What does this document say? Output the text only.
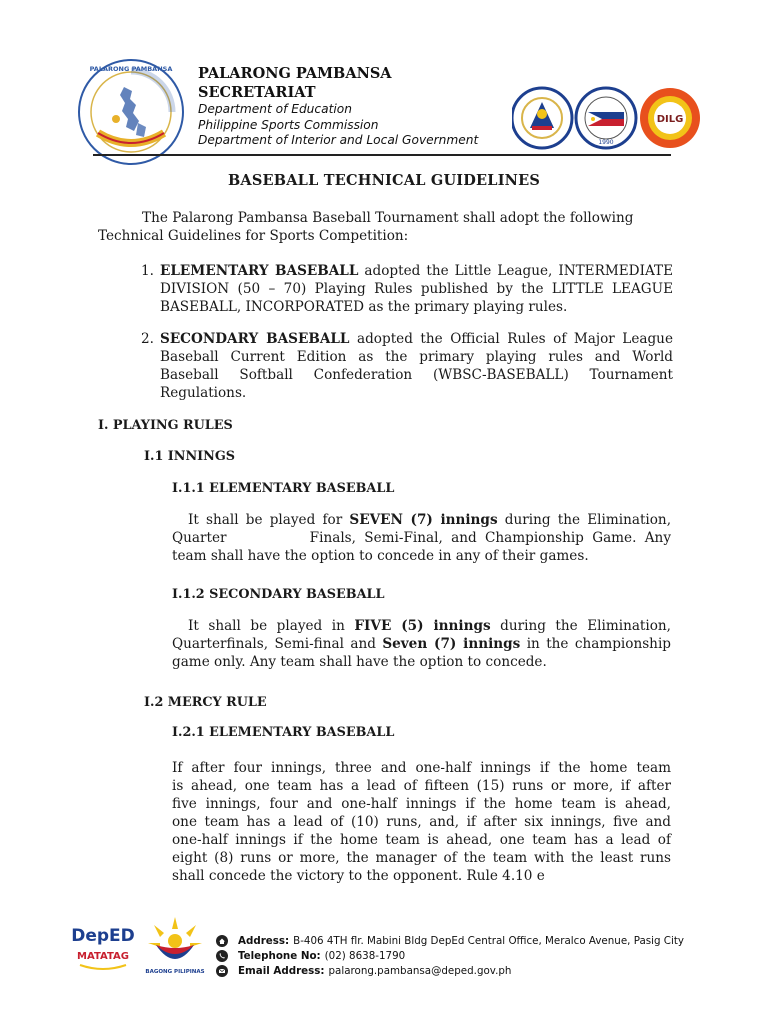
PALARONG PAMBANSA PALARONG PAMBANSA
SECRETARIAT
Department of Education
Philippine Sports Commission
Department of Interior and Local Government	1990
DILG
BASEBALL TECHNICAL GUIDELINES
The Palarong Pambansa Baseball Tournament shall adopt the following
Technical Guidelines for Sports Competition:
1. ELEMENTARY BASEBALL adopted the Little League, INTERMEDIATE
DIVISION (50 – 70) Playing Rules published by the LITTLE LEAGUE
BASEBALL, INCORPORATED as the primary playing rules.
2. SECONDARY BASEBALL adopted the Official Rules of Major League
Baseball Current Edition as the primary playing rules and World
Baseball Softball Confederation (WBSC-BASEBALL) Tournament
Regulations.
I. PLAYING RULES
I.1 INNINGS
I.1.1 ELEMENTARY BASEBALL
It shall be played for SEVEN (7) innings during the Elimination,
Quarter          Finals, Semi-Final, and Championship Game. Any
team shall have the option to concede in any of their games.
I.1.2 SECONDARY BASEBALL
It shall be played in FIVE (5) innings during the Elimination,
Quarterfinals, Semi-final and Seven (7) innings in the championship
game only. Any team shall have the option to concede.
I.2 MERCY RULE
I.2.1 ELEMENTARY BASEBALL
If after four innings, three and one-half innings if the home team
is ahead, one team has a lead of fifteen (15) runs or more, if after
five innings, four and one-half innings if the home team is ahead,
one team has a lead of (10) runs, and, if after six innings, five and
one-half innings if the home team is ahead, one team has a lead of
eight (8) runs or more, the manager of the team with the least runs
shall concede the victory to the opponent. Rule 4.10 e
DepED
MATATAG
BAGONG PILIPINAS
Address: B-406 4TH flr. Mabini Bldg DepEd Central Office, Meralco Avenue, Pasig City
Telephone No: (02) 8638-1790
Email Address: palarong.pambansa@deped.gov.ph
